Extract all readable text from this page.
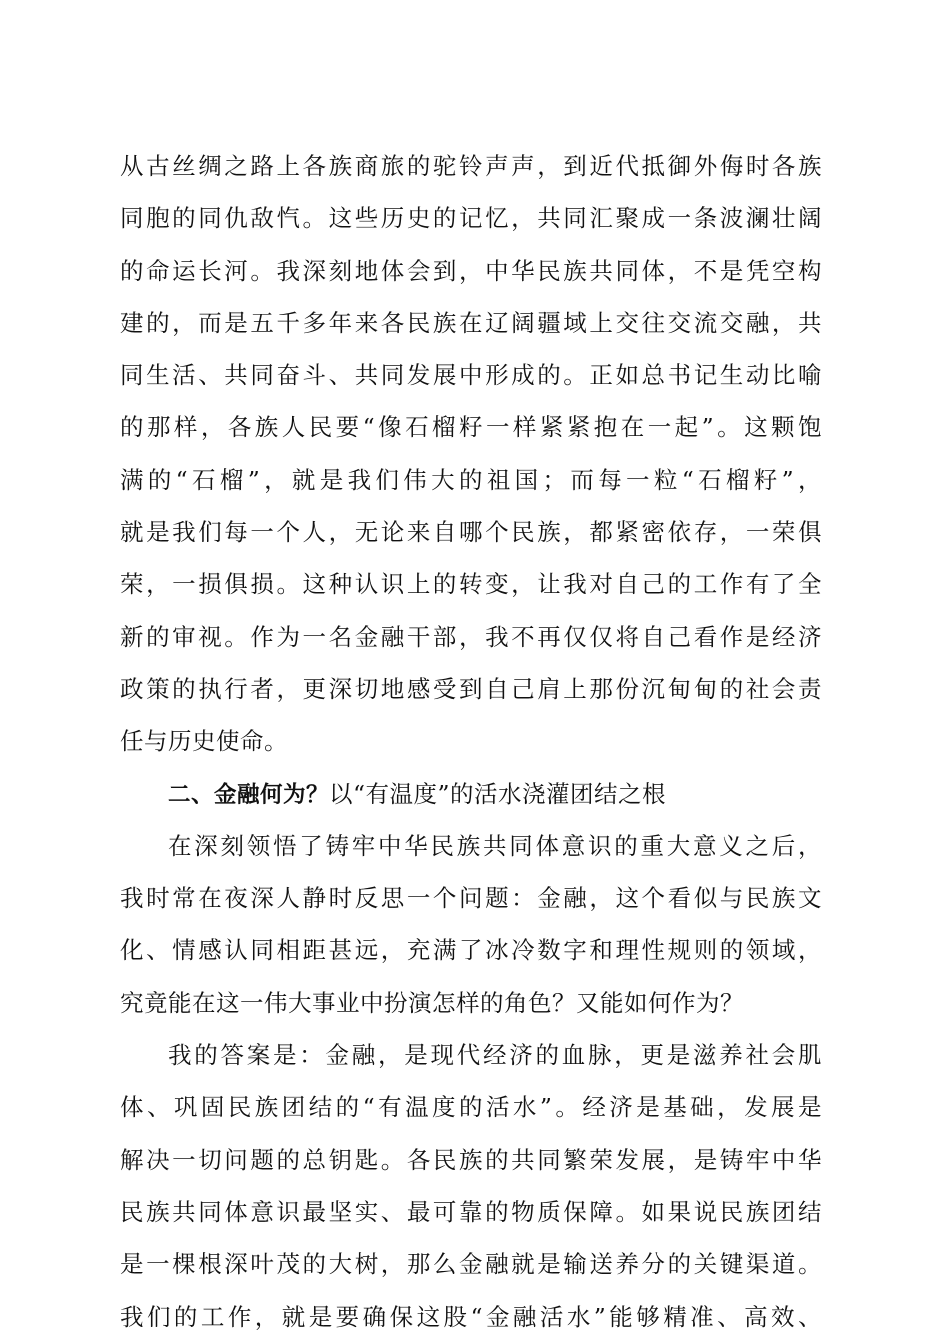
从古丝绸之路上各族商旅的驼铃声声，到近代抵御外侮时各族
同胞的同仇敌忾。这些历史的记忆，共同汇聚成一条波澜壮阔
的命运长河。我深刻地体会到，中华民族共同体，不是凭空构
建的，而是五千多年来各民族在辽阔疆域上交往交流交融，共
同生活、共同奋斗、共同发展中形成的。正如总书记生动比喻
的那样，各族人民要“像石榴籽一样紧紧抱在一起”。这颗饱
满的“石榴”，就是我们伟大的祖国；而每一粒“石榴籽”，
就是我们每一个人，无论来自哪个民族，都紧密依存，一荣俱
荣，一损俱损。这种认识上的转变，让我对自己的工作有了全
新的审视。作为一名金融干部，我不再仅仅将自己看作是经济
政策的执行者，更深切地感受到自己肩上那份沉甸甸的社会责
任与历史使命。
二、金融何为？以“有温度”的活水浇灌团结之根
在深刻领悟了铸牢中华民族共同体意识的重大意义之后，
我时常在夜深人静时反思一个问题：金融，这个看似与民族文
化、情感认同相距甚远，充满了冰冷数字和理性规则的领域，
究竟能在这一伟大事业中扮演怎样的角色？又能如何作为？
我的答案是：金融，是现代经济的血脉，更是滋养社会肌
体、巩固民族团结的“有温度的活水”。经济是基础，发展是
解决一切问题的总钥匙。各民族的共同繁荣发展，是铸牢中华
民族共同体意识最坚实、最可靠的物质保障。如果说民族团结
是一棵根深叶茂的大树，那么金融就是输送养分的关键渠道。
我们的工作，就是要确保这股“金融活水”能够精准、高效、
